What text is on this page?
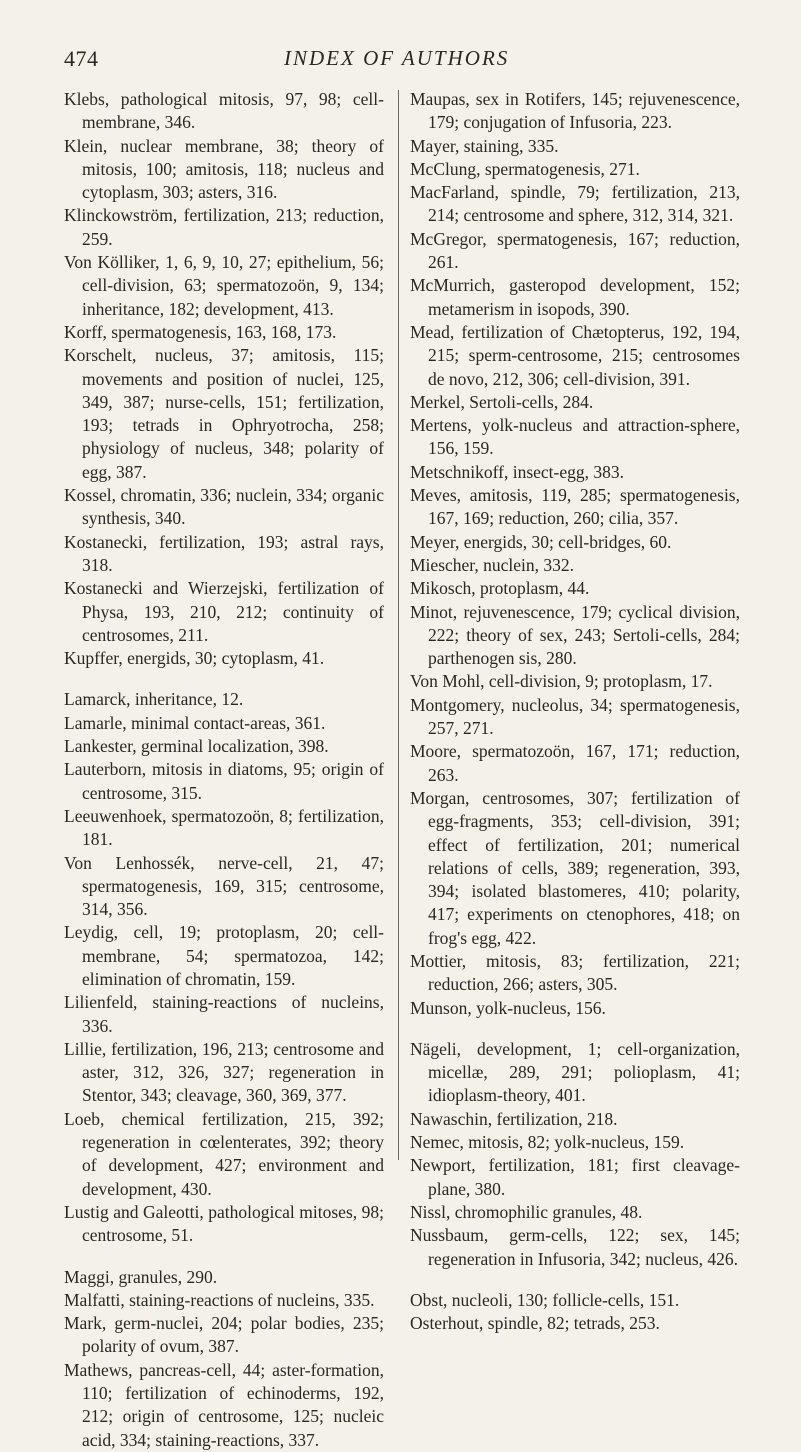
474	INDEX OF AUTHORS

Klebs, pathological mitosis, 97, 98; cell-membrane, 346.

Klein, nuclear membrane, 38; theory of mitosis, 100; amitosis, 118; nucleus and cytoplasm, 303; asters, 316.

Klinckowström, fertilization, 213; reduction, 259.

Von Kölliker, 1, 6, 9, 10, 27; epithelium, 56; cell-division, 63; spermatozoön, 9, 134; inheritance, 182; development, 413.

Korff, spermatogenesis, 163, 168, 173.

Korschelt, nucleus, 37; amitosis, 115; movements and position of nuclei, 125, 349, 387; nurse-cells, 151; fertilization, 193; tetrads in Ophryotrocha, 258; physiology of nucleus, 348; polarity of egg, 387.

Kossel, chromatin, 336; nuclein, 334; organic synthesis, 340.

Kostanecki, fertilization, 193; astral rays, 318.

Kostanecki and Wierzejski, fertilization of Physa, 193, 210, 212; continuity of centrosomes, 211.

Kupffer, energids, 30; cytoplasm, 41.

Lamarck, inheritance, 12.

Lamarle, minimal contact-areas, 361.

Lankester, germinal localization, 398.

Lauterborn, mitosis in diatoms, 95; origin of centrosome, 315.

Leeuwenhoek, spermatozoön, 8; fertilization, 181.

Von Lenhossék, nerve-cell, 21, 47; spermatogenesis, 169, 315; centrosome, 314, 356.

Leydig, cell, 19; protoplasm, 20; cell-membrane, 54; spermatozoa, 142; elimination of chromatin, 159.

Lilienfeld, staining-reactions of nucleins, 336.

Lillie, fertilization, 196, 213; centrosome and aster, 312, 326, 327; regeneration in Stentor, 343; cleavage, 360, 369, 377.

Loeb, chemical fertilization, 215, 392; regeneration in cœlenterates, 392; theory of development, 427; environment and development, 430.

Lustig and Galeotti, pathological mitoses, 98; centrosome, 51.

Maggi, granules, 290.

Malfatti, staining-reactions of nucleins, 335.

Mark, germ-nuclei, 204; polar bodies, 235; polarity of ovum, 387.

Mathews, pancreas-cell, 44; aster-formation, 110; fertilization of echinoderms, 192, 212; origin of centrosome, 125; nucleic acid, 334; staining-reactions, 337.

Maupas, sex in Rotifers, 145; rejuvenescence, 179; conjugation of Infusoria, 223.

Mayer, staining, 335.

McClung, spermatogenesis, 271.

MacFarland, spindle, 79; fertilization, 213, 214; centrosome and sphere, 312, 314, 321.

McGregor, spermatogenesis, 167; reduction, 261.

McMurrich, gasteropod development, 152; metamerism in isopods, 390.

Mead, fertilization of Chætopterus, 192, 194, 215; sperm-centrosome, 215; centrosomes de novo, 212, 306; cell-division, 391.

Merkel, Sertoli-cells, 284.

Mertens, yolk-nucleus and attraction-sphere, 156, 159.

Metschnikoff, insect-egg, 383.

Meves, amitosis, 119, 285; spermatogenesis, 167, 169; reduction, 260; cilia, 357.

Meyer, energids, 30; cell-bridges, 60.

Miescher, nuclein, 332.

Mikosch, protoplasm, 44.

Minot, rejuvenescence, 179; cyclical division, 222; theory of sex, 243; Sertoli-cells, 284; parthenogen sis, 280.

Von Mohl, cell-division, 9; protoplasm, 17.

Montgomery, nucleolus, 34; spermatogenesis, 257, 271.

Moore, spermatozoön, 167, 171; reduction, 263.

Morgan, centrosomes, 307; fertilization of egg-fragments, 353; cell-division, 391; effect of fertilization, 201; numerical relations of cells, 389; regeneration, 393, 394; isolated blastomeres, 410; polarity, 417; experiments on ctenophores, 418; on frog's egg, 422.

Mottier, mitosis, 83; fertilization, 221; reduction, 266; asters, 305.

Munson, yolk-nucleus, 156.

Nägeli, development, 1; cell-organization, micellæ, 289, 291; polioplasm, 41; idioplasm-theory, 401.

Nawaschin, fertilization, 218.

Nemec, mitosis, 82; yolk-nucleus, 159.

Newport, fertilization, 181; first cleavage-plane, 380.

Nissl, chromophilic granules, 48.

Nussbaum, germ-cells, 122; sex, 145; regeneration in Infusoria, 342; nucleus, 426.

Obst, nucleoli, 130; follicle-cells, 151.

Osterhout, spindle, 82; tetrads, 253.
